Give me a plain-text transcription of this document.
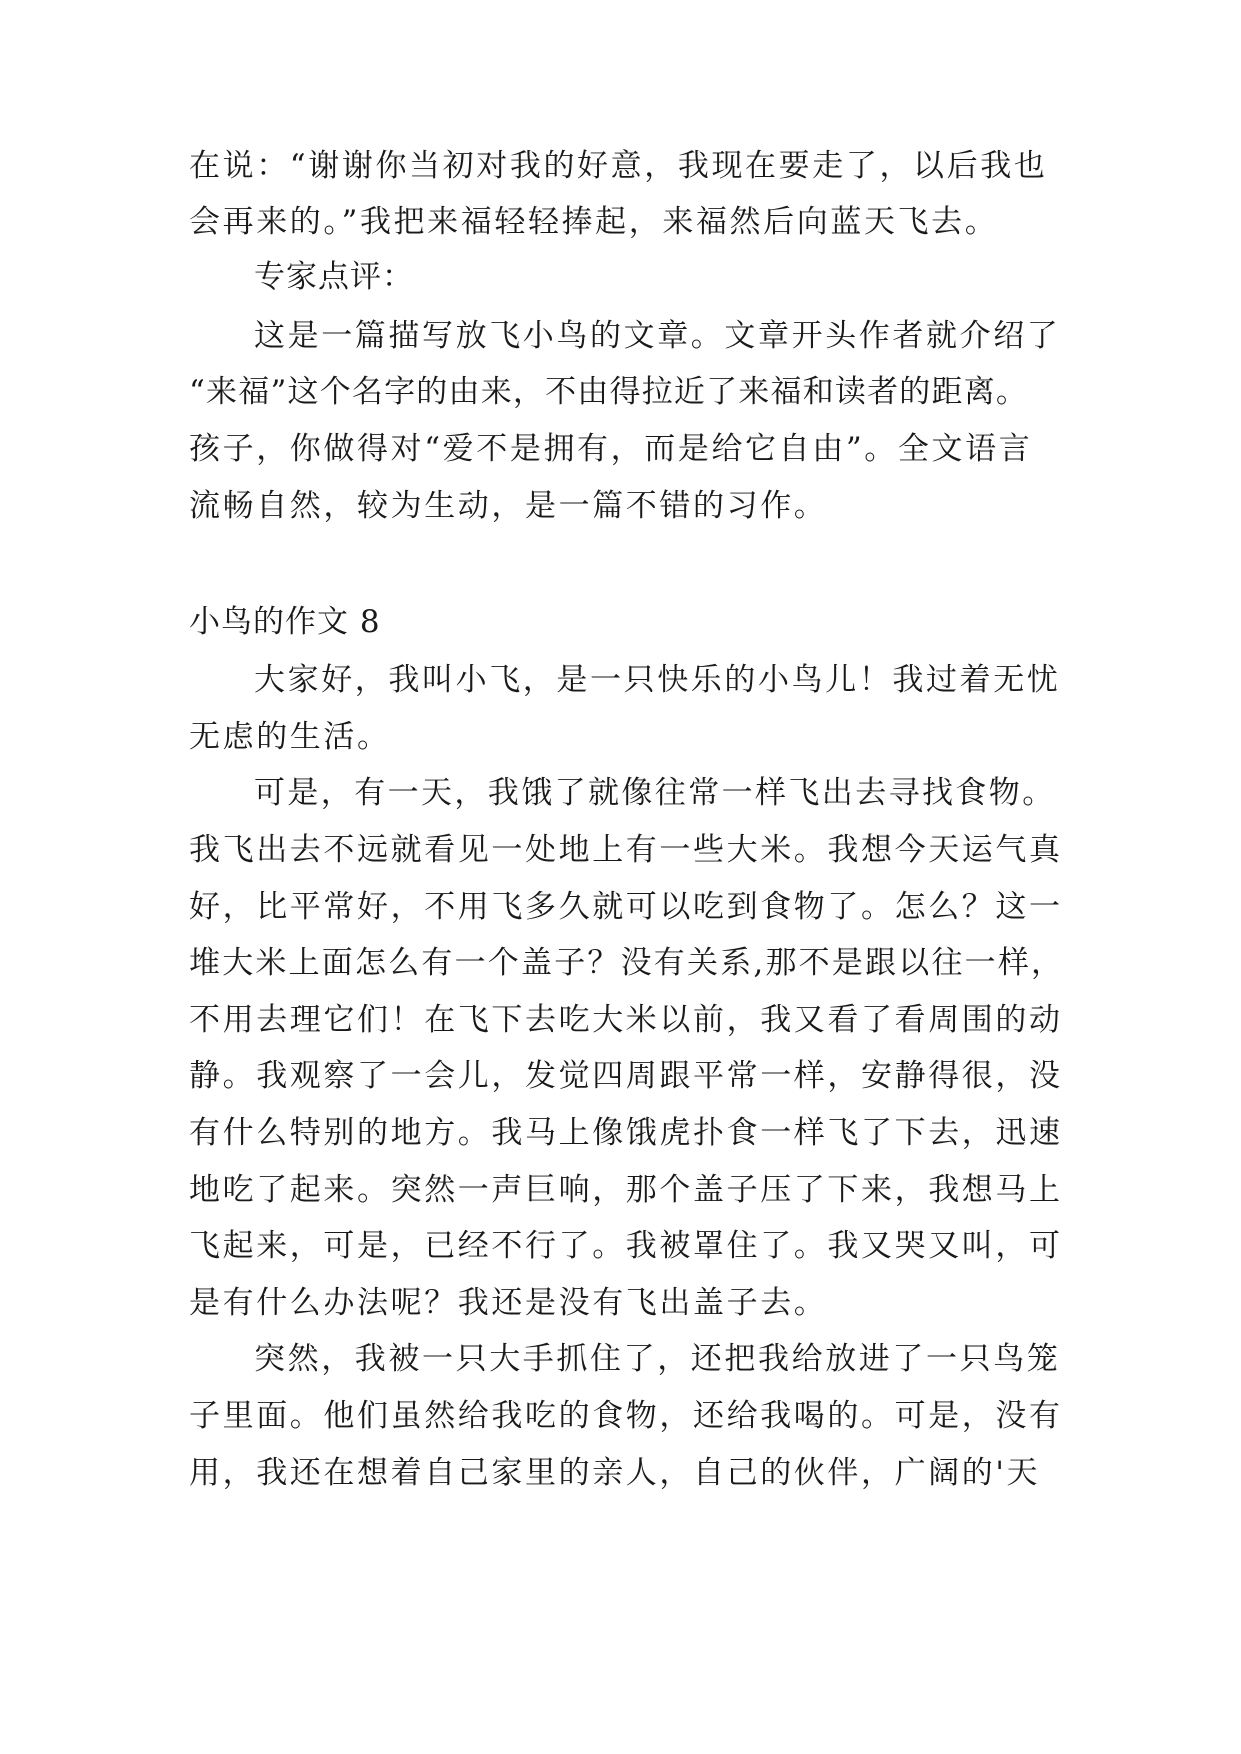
在说：“谢谢你当初对我的好意，我现在要走了，以后我也
会再来的。”我把来福轻轻捧起，来福然后向蓝天飞去。
专家点评：
这是一篇描写放飞小鸟的文章。文章开头作者就介绍了
“来福”这个名字的由来，不由得拉近了来福和读者的距离。
孩子，你做得对“爱不是拥有，而是给它自由”。全文语言
流畅自然，较为生动，是一篇不错的习作。
小鸟的作文 8
大家好，我叫小飞，是一只快乐的小鸟儿！我过着无忧
无虑的生活。
可是，有一天，我饿了就像往常一样飞出去寻找食物。
我飞出去不远就看见一处地上有一些大米。我想今天运气真
好，比平常好，不用飞多久就可以吃到食物了。怎么？这一
堆大米上面怎么有一个盖子？没有关系,那不是跟以往一样，
不用去理它们！在飞下去吃大米以前，我又看了看周围的动
静。我观察了一会儿，发觉四周跟平常一样，安静得很，没
有什么特别的地方。我马上像饿虎扑食一样飞了下去，迅速
地吃了起来。突然一声巨响，那个盖子压了下来，我想马上
飞起来，可是，已经不行了。我被罩住了。我又哭又叫，可
是有什么办法呢？我还是没有飞出盖子去。
突然，我被一只大手抓住了，还把我给放进了一只鸟笼
子里面。他们虽然给我吃的食物，还给我喝的。可是，没有
用，我还在想着自己家里的亲人，自己的伙伴，广阔的'天
